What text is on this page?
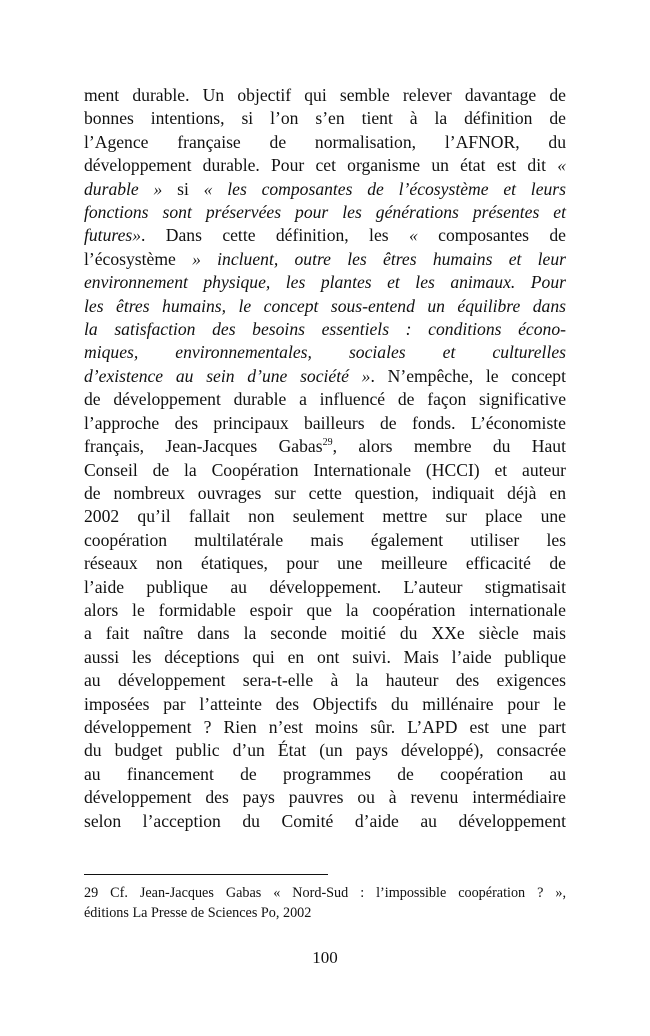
ment durable. Un objectif qui semble relever davantage de
bonnes intentions, si l’on s’en tient à la définition de
l’Agence française de normalisation, l’AFNOR, du
développement durable. Pour cet organisme un état est dit «
durable » si « les composantes de l’écosystème et leurs
fonctions sont préservées pour les générations présentes et
futures». Dans cette définition, les « composantes de
l’écosystème » incluent, outre les êtres humains et leur
environnement physique, les plantes et les animaux. Pour
les êtres humains, le concept sous-entend un équilibre dans
la satisfaction des besoins essentiels : conditions écono-
miques, environnementales, sociales et culturelles
d’existence au sein d’une société ». N’empêche, le concept
de développement durable a influencé de façon significative
l’approche des principaux bailleurs de fonds. L’économiste
français, Jean-Jacques Gabas$^{29}$, alors membre du Haut
Conseil de la Coopération Internationale (HCCI) et auteur
de nombreux ouvrages sur cette question, indiquait déjà en
2002 qu’il fallait non seulement mettre sur place une
coopération multilatérale mais également utiliser les
réseaux non étatiques, pour une meilleure efficacité de
l’aide publique au développement. L’auteur stigmatisait
alors le formidable espoir que la coopération internationale
a fait naître dans la seconde moitié du XXe siècle mais
aussi les déceptions qui en ont suivi. Mais l’aide publique
au développement sera-t-elle à la hauteur des exigences
imposées par l’atteinte des Objectifs du millénaire pour le
développement ? Rien n’est moins sûr. L’APD est une part
du budget public d’un État (un pays développé), consacrée
au financement de programmes de coopération au
développement des pays pauvres ou à revenu intermédiaire
selon l’acception du Comité d’aide au développement

29 Cf. Jean-Jacques Gabas « Nord-Sud : l’impossible coopération ? »,
éditions La Presse de Sciences Po, 2002

100
